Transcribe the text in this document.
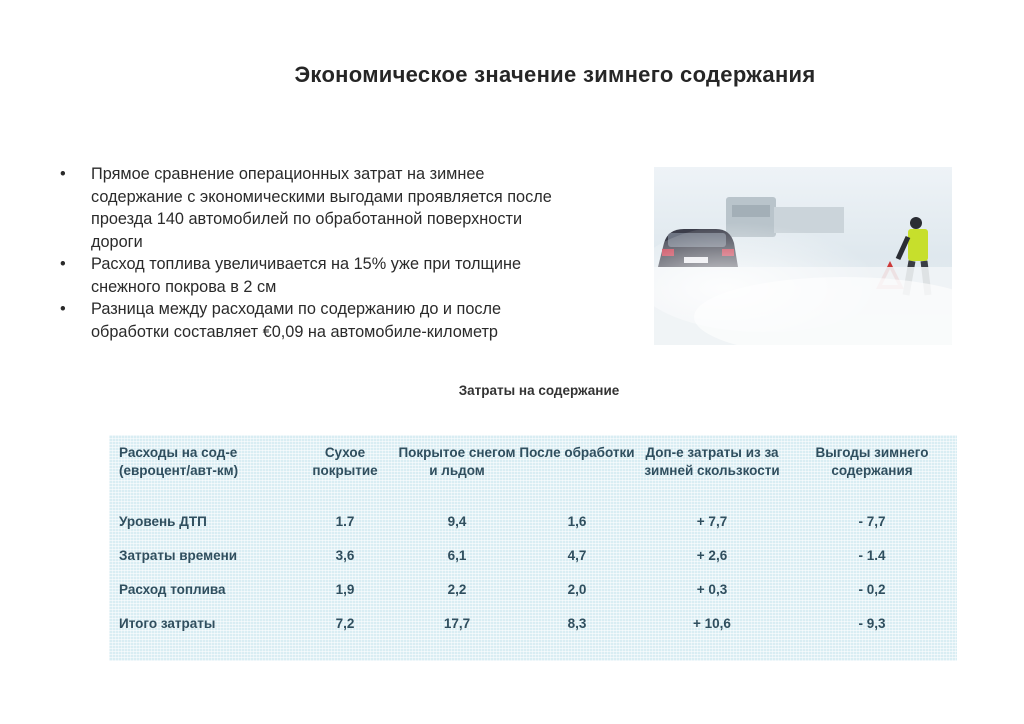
Экономическое значение зимнего содержания
• Прямое сравнение операционных затрат на зимнее содержание с экономическими выгодами проявляется после проезда 140 автомобилей по обработанной поверхности дороги
• Расход топлива увеличивается на 15% уже при толщине снежного покрова в 2 см
• Разница между расходами по содержанию до и после обработки составляет €0,09 на автомобиле-километр
Затраты на содержание
Расходы на сод-е (евроцент/авт-км)	Сухое покрытие	Покрытое снегом и льдом	После обработки	Доп-е затраты из за зимней скользкости	Выгоды зимнего содержания
Уровень ДТП	1.7	9,4	1,6	+ 7,7	- 7,7
Затраты времени	3,6	6,1	4,7	+ 2,6	- 1.4
Расход топлива	1,9	2,2	2,0	+ 0,3	- 0,2
Итого затраты	7,2	17,7	8,3	+ 10,6	- 9,3
